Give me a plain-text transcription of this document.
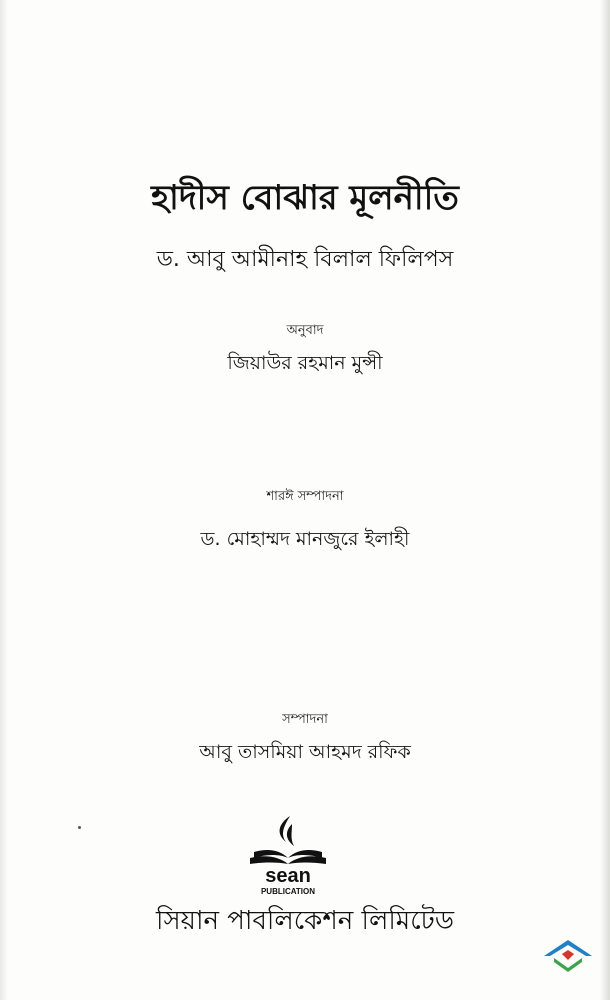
হাদীস বোঝার মূলনীতি
ড. আবু আমীনাহ বিলাল ফিলিপস
অনুবাদ
জিয়াউর রহমান মুন্সী
শারঈ সম্পাদনা
ড. মোহাম্মদ মানজুরে ইলাহী
সম্পাদনা
আবু তাসমিয়া আহমদ রফিক
sean
PUBLICATION
সিয়ান পাবলিকেশন লিমিটেড
